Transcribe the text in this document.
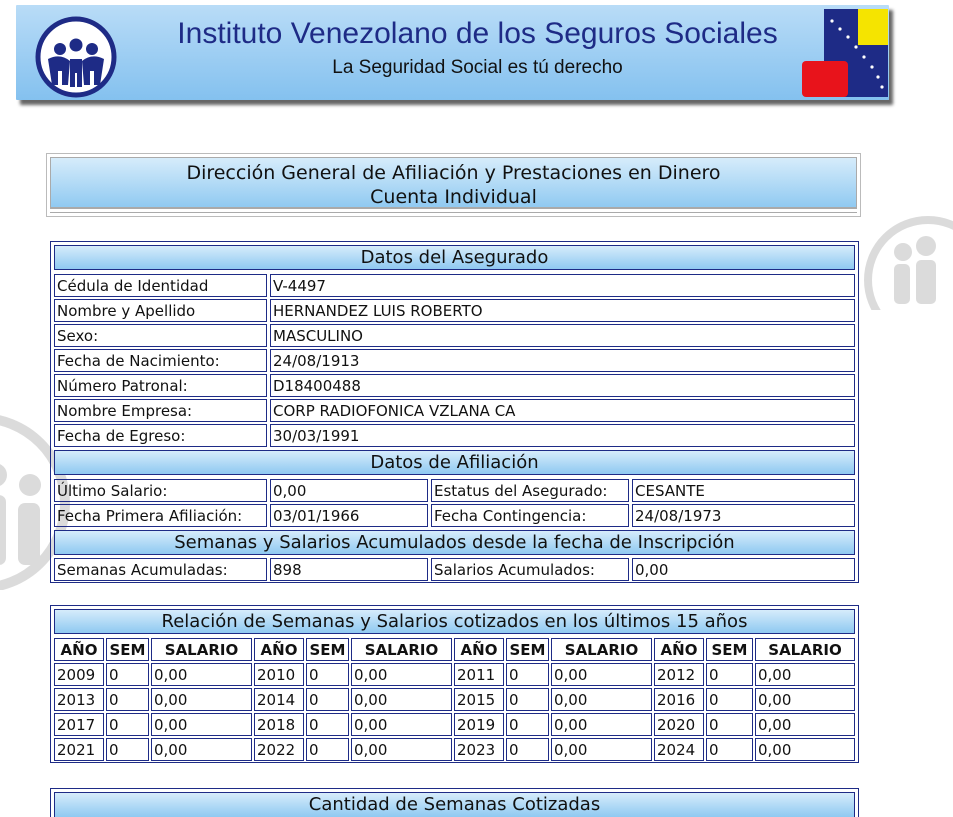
Instituto Venezolano de los Seguros Sociales
La Seguridad Social es tú derecho
Dirección General de Afiliación y Prestaciones en Dinero
Cuenta Individual
Datos del Asegurado
Cédula de Identidad	V-4497
Nombre y Apellido	HERNANDEZ LUIS ROBERTO
Sexo:	MASCULINO
Fecha de Nacimiento:	24/08/1913
Número Patronal:	D18400488
Nombre Empresa:	CORP RADIOFONICA VZLANA CA
Fecha de Egreso:	30/03/1991
Datos de Afiliación
Último Salario:	0,00	Estatus del Asegurado:	CESANTE
Fecha Primera Afiliación:	03/01/1966	Fecha Contingencia:	24/08/1973
Semanas y Salarios Acumulados desde la fecha de Inscripción
Semanas Acumuladas:	898	Salarios Acumulados:	0,00
Relación de Semanas y Salarios cotizados en los últimos 15 años
AÑO SEM	SALARIO	AÑO SEM	SALARIO	AÑO SEM	SALARIO	AÑO SEM	SALARIO
2009 0	0,00	2010 0	0,00	2011 0	0,00	2012 0	0,00
2013 0	0,00	2014 0	0,00	2015 0	0,00	2016 0	0,00
2017 0	0,00	2018 0	0,00	2019 0	0,00	2020 0	0,00
2021 0	0,00	2022 0	0,00	2023 0	0,00	2024 0	0,00
Cantidad de Semanas Cotizadas
